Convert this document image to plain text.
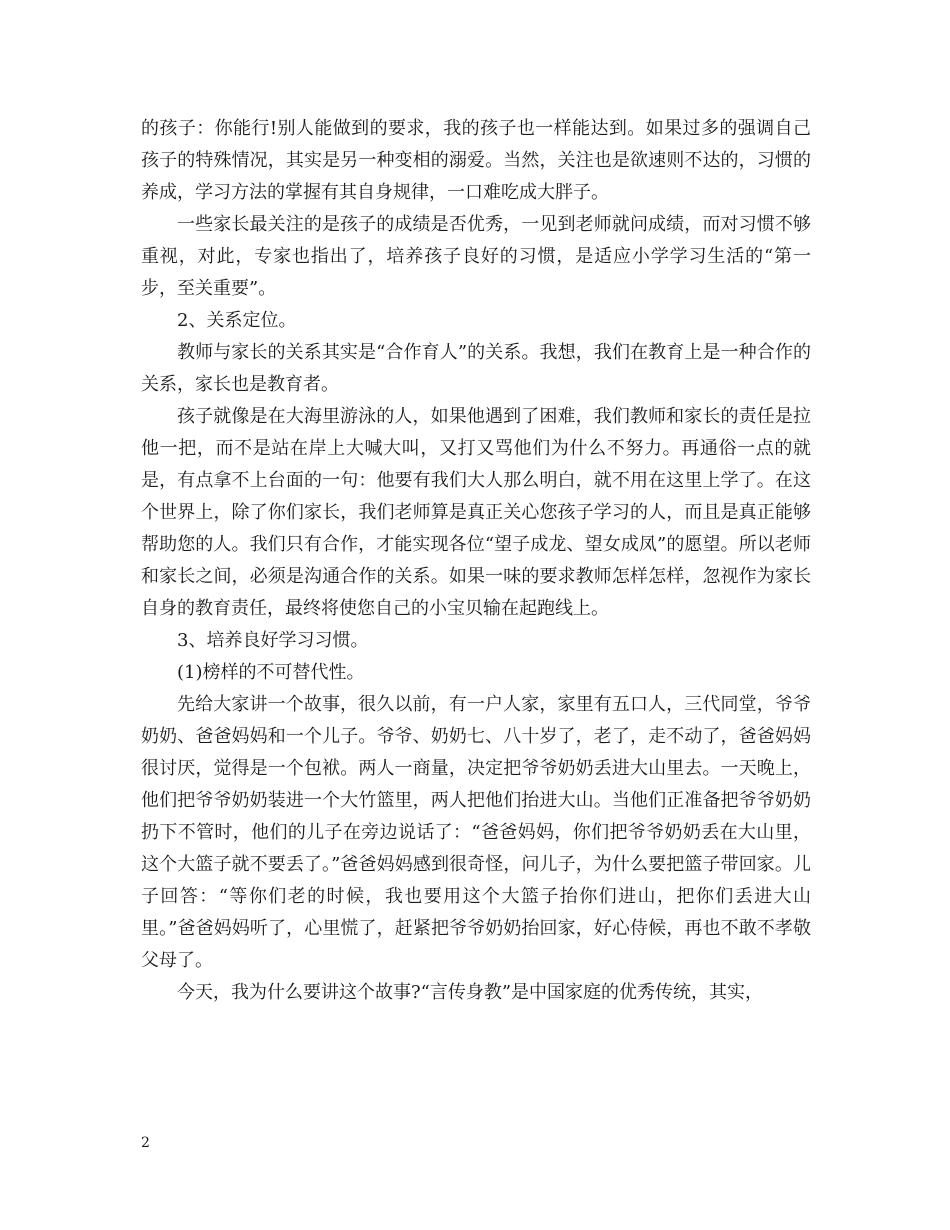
的孩子：你能行!别人能做到的要求，我的孩子也一样能达到。如果过多的强调自己孩子的特殊情况，其实是另一种变相的溺爱。当然，关注也是欲速则不达的，习惯的养成，学习方法的掌握有其自身规律，一口难吃成大胖子。

一些家长最关注的是孩子的成绩是否优秀，一见到老师就问成绩，而对习惯不够重视，对此，专家也指出了，培养孩子良好的习惯，是适应小学学习生活的“第一步，至关重要”。

2、关系定位。

教师与家长的关系其实是“合作育人”的关系。我想，我们在教育上是一种合作的关系，家长也是教育者。

孩子就像是在大海里游泳的人，如果他遇到了困难，我们教师和家长的责任是拉他一把，而不是站在岸上大喊大叫，又打又骂他们为什么不努力。再通俗一点的就是，有点拿不上台面的一句：他要有我们大人那么明白，就不用在这里上学了。在这个世界上，除了你们家长，我们老师算是真正关心您孩子学习的人，而且是真正能够帮助您的人。我们只有合作，才能实现各位“望子成龙、望女成凤”的愿望。所以老师和家长之间，必须是沟通合作的关系。如果一味的要求教师怎样怎样，忽视作为家长自身的教育责任，最终将使您自己的小宝贝输在起跑线上。

3、培养良好学习习惯。

(1)榜样的不可替代性。

先给大家讲一个故事，很久以前，有一户人家，家里有五口人，三代同堂，爷爷奶奶、爸爸妈妈和一个儿子。爷爷、奶奶七、八十岁了，老了，走不动了，爸爸妈妈很讨厌，觉得是一个包袱。两人一商量，决定把爷爷奶奶丢进大山里去。一天晚上，他们把爷爷奶奶装进一个大竹篮里，两人把他们抬进大山。当他们正准备把爷爷奶奶扔下不管时，他们的儿子在旁边说话了：“爸爸妈妈，你们把爷爷奶奶丢在大山里，这个大篮子就不要丢了。”爸爸妈妈感到很奇怪，问儿子，为什么要把篮子带回家。儿子回答：“等你们老的时候，我也要用这个大篮子抬你们进山，把你们丢进大山里。”爸爸妈妈听了，心里慌了，赶紧把爷爷奶奶抬回家，好心侍候，再也不敢不孝敬父母了。

今天，我为什么要讲这个故事?“言传身教”是中国家庭的优秀传统，其实，

2
